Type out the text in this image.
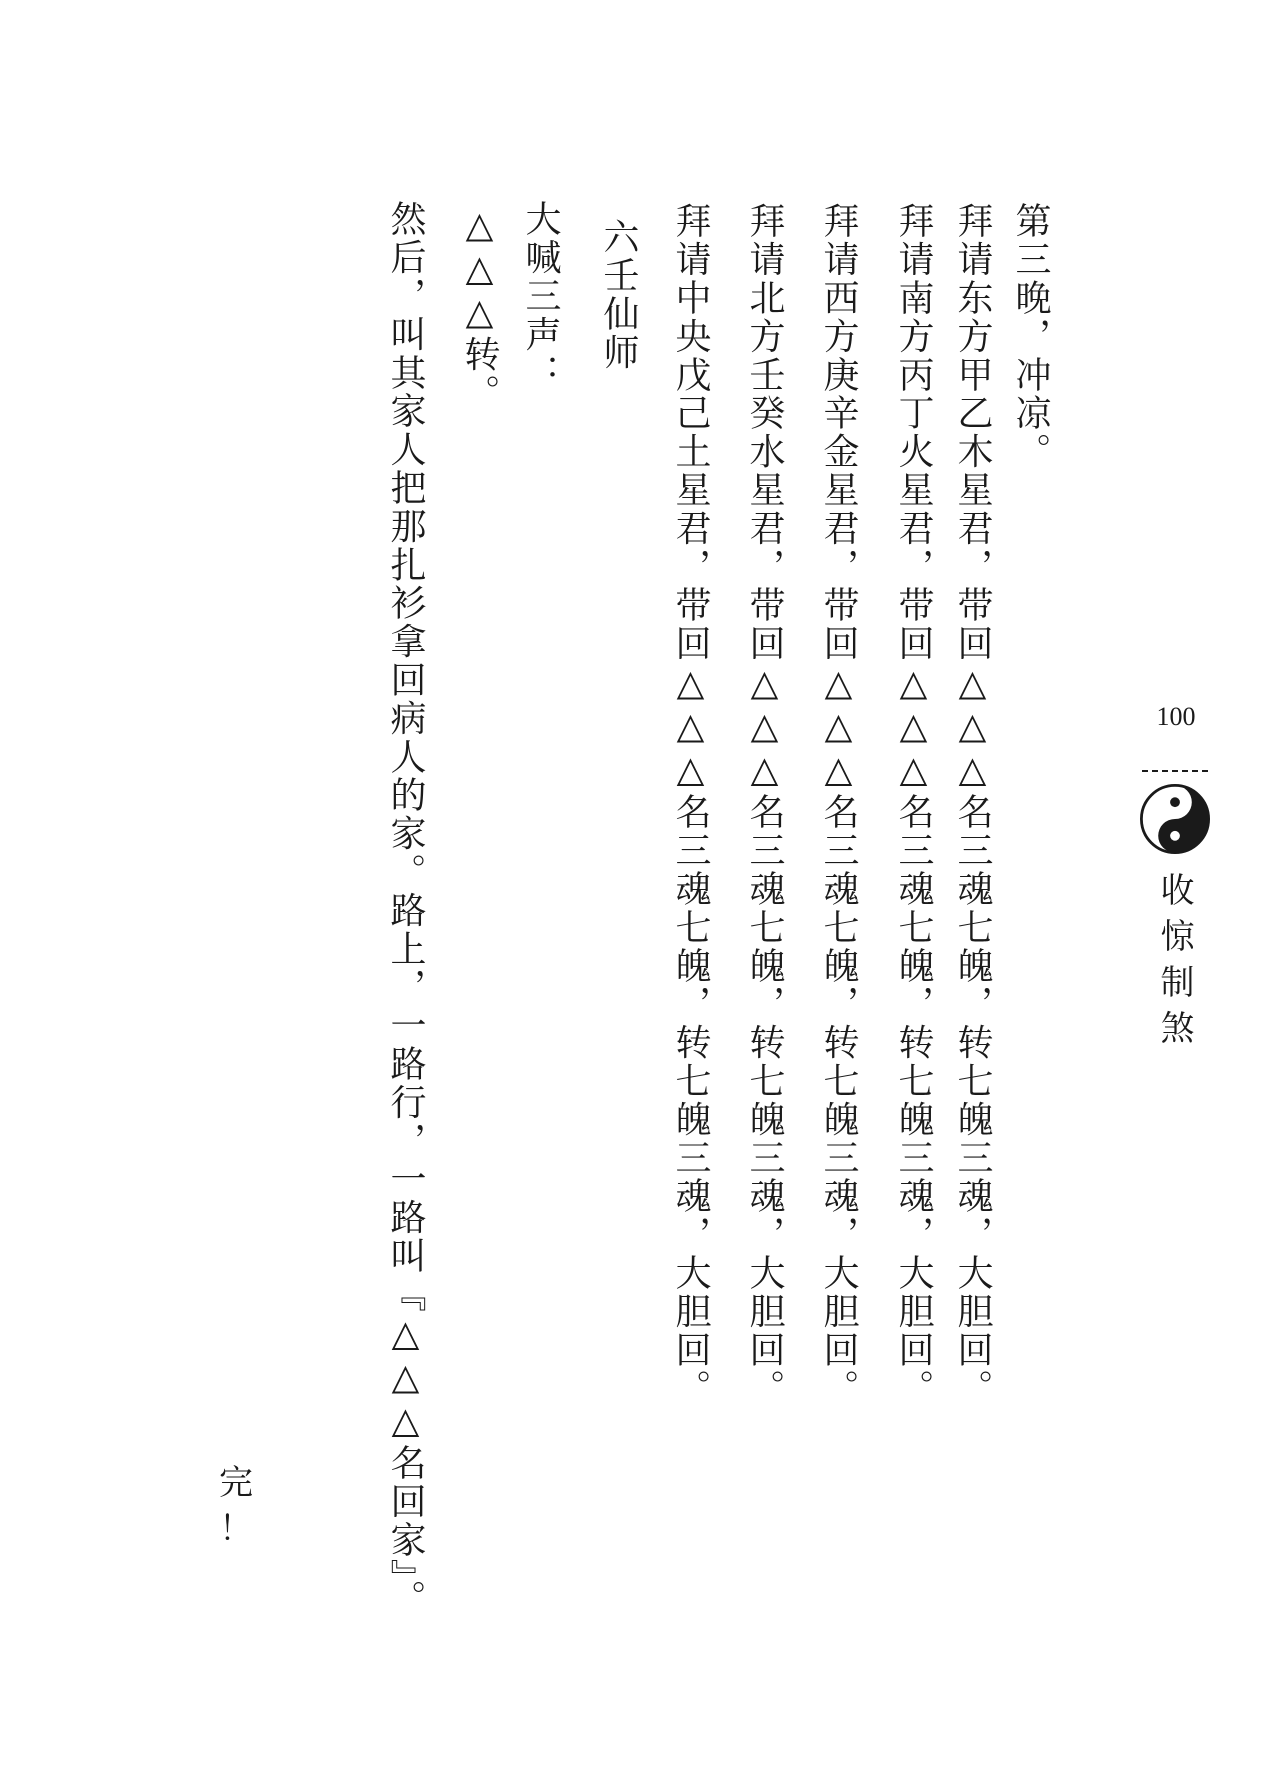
第三晚，冲凉。
拜请东方甲乙木星君，带回△△△名三魂七魄，转七魄三魂，大胆回。
拜请南方丙丁火星君，带回△△△名三魂七魄，转七魄三魂，大胆回。
拜请西方庚辛金星君，带回△△△名三魂七魄，转七魄三魂，大胆回。
拜请北方壬癸水星君，带回△△△名三魂七魄，转七魄三魂，大胆回。
拜请中央戊己土星君，带回△△△名三魂七魄，转七魄三魂，大胆回。
六壬仙师
大喊三声：
△△△转。
然后，叫其家人把那扎衫拿回病人的家。路上，一路行，一路叫『△△△名回家』。	100
收惊制煞
完
！
